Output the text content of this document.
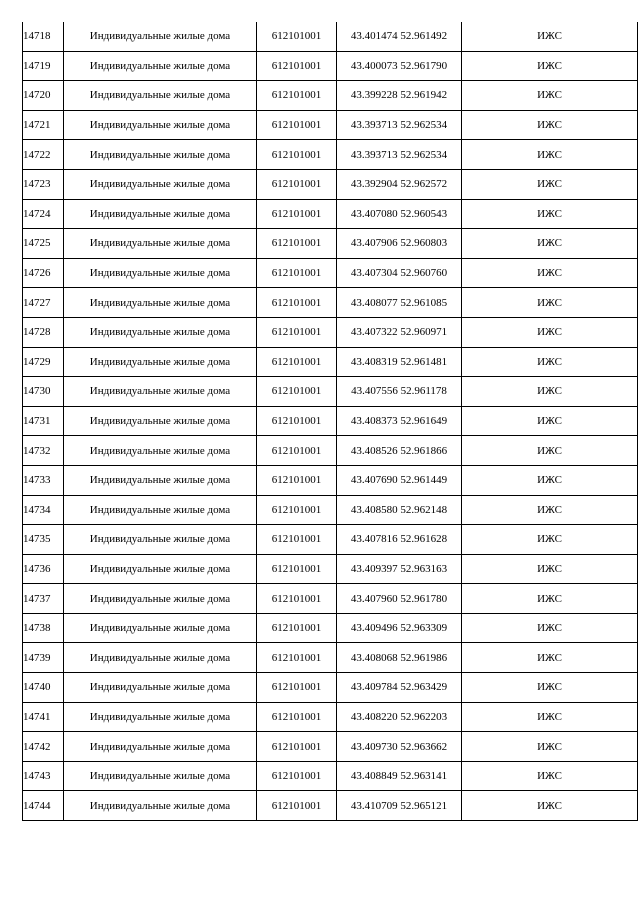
14718	Индивидуальные жилые дома	612101001	43.401474 52.961492	ИЖС
14719	Индивидуальные жилые дома	612101001	43.400073 52.961790	ИЖС
14720	Индивидуальные жилые дома	612101001	43.399228 52.961942	ИЖС
14721	Индивидуальные жилые дома	612101001	43.393713 52.962534	ИЖС
14722	Индивидуальные жилые дома	612101001	43.393713 52.962534	ИЖС
14723	Индивидуальные жилые дома	612101001	43.392904 52.962572	ИЖС
14724	Индивидуальные жилые дома	612101001	43.407080 52.960543	ИЖС
14725	Индивидуальные жилые дома	612101001	43.407906 52.960803	ИЖС
14726	Индивидуальные жилые дома	612101001	43.407304 52.960760	ИЖС
14727	Индивидуальные жилые дома	612101001	43.408077 52.961085	ИЖС
14728	Индивидуальные жилые дома	612101001	43.407322 52.960971	ИЖС
14729	Индивидуальные жилые дома	612101001	43.408319 52.961481	ИЖС
14730	Индивидуальные жилые дома	612101001	43.407556 52.961178	ИЖС
14731	Индивидуальные жилые дома	612101001	43.408373 52.961649	ИЖС
14732	Индивидуальные жилые дома	612101001	43.408526 52.961866	ИЖС
14733	Индивидуальные жилые дома	612101001	43.407690 52.961449	ИЖС
14734	Индивидуальные жилые дома	612101001	43.408580 52.962148	ИЖС
14735	Индивидуальные жилые дома	612101001	43.407816 52.961628	ИЖС
14736	Индивидуальные жилые дома	612101001	43.409397 52.963163	ИЖС
14737	Индивидуальные жилые дома	612101001	43.407960 52.961780	ИЖС
14738	Индивидуальные жилые дома	612101001	43.409496 52.963309	ИЖС
14739	Индивидуальные жилые дома	612101001	43.408068 52.961986	ИЖС
14740	Индивидуальные жилые дома	612101001	43.409784 52.963429	ИЖС
14741	Индивидуальные жилые дома	612101001	43.408220 52.962203	ИЖС
14742	Индивидуальные жилые дома	612101001	43.409730 52.963662	ИЖС
14743	Индивидуальные жилые дома	612101001	43.408849 52.963141	ИЖС
14744	Индивидуальные жилые дома	612101001	43.410709 52.965121	ИЖС
